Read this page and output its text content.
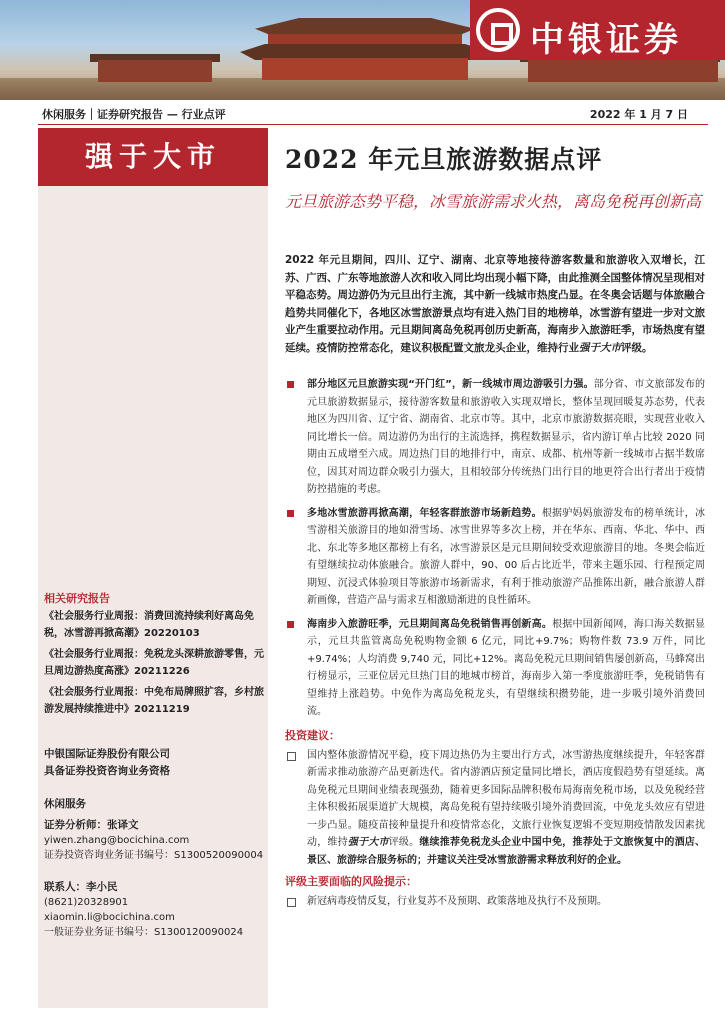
中银证券
休闲服务｜证券研究报告 — 行业点评	2022 年 1 月 7 日
强于大市
相关研究报告
《社会服务行业周报：消费回流持续利好离岛免税，冰雪游再掀高潮》20220103
《社会服务行业周报：免税龙头深耕旅游零售，元旦周边游热度高涨》20211226
《社会服务行业周报：中免布局牌照扩容，乡村旅游发展持续推进中》20211219
中银国际证券股份有限公司
具备证券投资咨询业务资格
休闲服务
证券分析师：张译文
yiwen.zhang@bocichina.com
证券投资咨询业务证书编号：S1300520090004
联系人：李小民
(8621)20328901
xiaomin.li@bocichina.com
一般证券业务证书编号：S1300120090024
2022 年元旦旅游数据点评
元旦旅游态势平稳，冰雪旅游需求火热，离岛免税再创新高
2022 年元旦期间，四川、辽宁、湖南、北京等地接待游客数量和旅游收入双增长，江苏、广西、广东等地旅游人次和收入同比均出现小幅下降，由此推测全国整体情况呈现相对平稳态势。周边游仍为元旦出行主流，其中新一线城市热度凸显。在冬奥会话题与体旅融合趋势共同催化下，各地区冰雪旅游景点均有进入热门目的地榜单，冰雪游有望进一步对文旅业产生重要拉动作用。元旦期间离岛免税再创历史新高，海南步入旅游旺季，市场热度有望延续。疫情防控常态化，建议积极配置文旅龙头企业，维持行业强于大市评级。
部分地区元旦旅游实现“开门红”，新一线城市周边游吸引力强。部分省、市文旅部发布的元旦旅游数据显示，接待游客数量和旅游收入实现双增长，整体呈现回暖复苏态势，代表地区为四川省、辽宁省、湖南省、北京市等。其中，北京市旅游数据亮眼，实现营业收入同比增长一倍。周边游仍为出行的主流选择，携程数据显示，省内游订单占比较 2020 同期由五成增至六成。周边热门目的地排行中，南京、成都、杭州等新一线城市占据半数席位，因其对周边群众吸引力强大，且相较部分传统热门出行目的地更符合出行者出于疫情防控措施的考虑。
多地冰雪旅游再掀高潮，年轻客群旅游市场新趋势。根据驴妈妈旅游发布的榜单统计，冰雪游相关旅游目的地如滑雪场、冰雪世界等多次上榜，并在华东、西南、华北、华中、西北、东北等多地区都榜上有名，冰雪游景区是元旦期间较受欢迎旅游目的地。冬奥会临近有望继续拉动体旅融合。旅游人群中，90、00 后占比近半，带来主题乐园、行程预定周期短、沉浸式体验项目等旅游市场新需求，有利于推动旅游产品推陈出新，融合旅游人群新画像，营造产品与需求互相激励渐进的良性循环。
海南步入旅游旺季，元旦期间离岛免税销售再创新高。根据中国新闻网，海口海关数据显示，元旦共监管离岛免税购物金额 6 亿元，同比+9.7%；购物件数 73.9 万件，同比+9.74%；人均消费 9,740 元，同比+12%。离岛免税元旦期间销售屡创新高，马蜂窝出行榜显示，三亚位居元旦热门目的地城市榜首，海南步入第一季度旅游旺季，免税销售有望维持上涨趋势。中免作为离岛免税龙头，有望继续积攒势能，进一步吸引境外消费回流。
投资建议：
国内整体旅游情况平稳，疫下周边热仍为主要出行方式，冰雪游热度继续提升，年轻客群新需求推动旅游产品更新迭代。省内游酒店预定量同比增长，酒店度假趋势有望延续。离岛免税元旦期间业绩表现强劲，随着更多国际品牌积极布局海南免税市场，以及免税经营主体积极拓展渠道扩大规模，离岛免税有望持续吸引境外消费回流，中免龙头效应有望进一步凸显。随疫苗接种量提升和疫情常态化，文旅行业恢复逻辑不变短期疫情散发因素扰动，维持强于大市评级。继续推荐免税龙头企业中国中免，推荐处于文旅恢复中的酒店、景区、旅游综合服务标的；并建议关注受冰雪旅游需求释放利好的企业。
评级主要面临的风险提示：
新冠病毒疫情反复，行业复苏不及预期、政策落地及执行不及预期。
